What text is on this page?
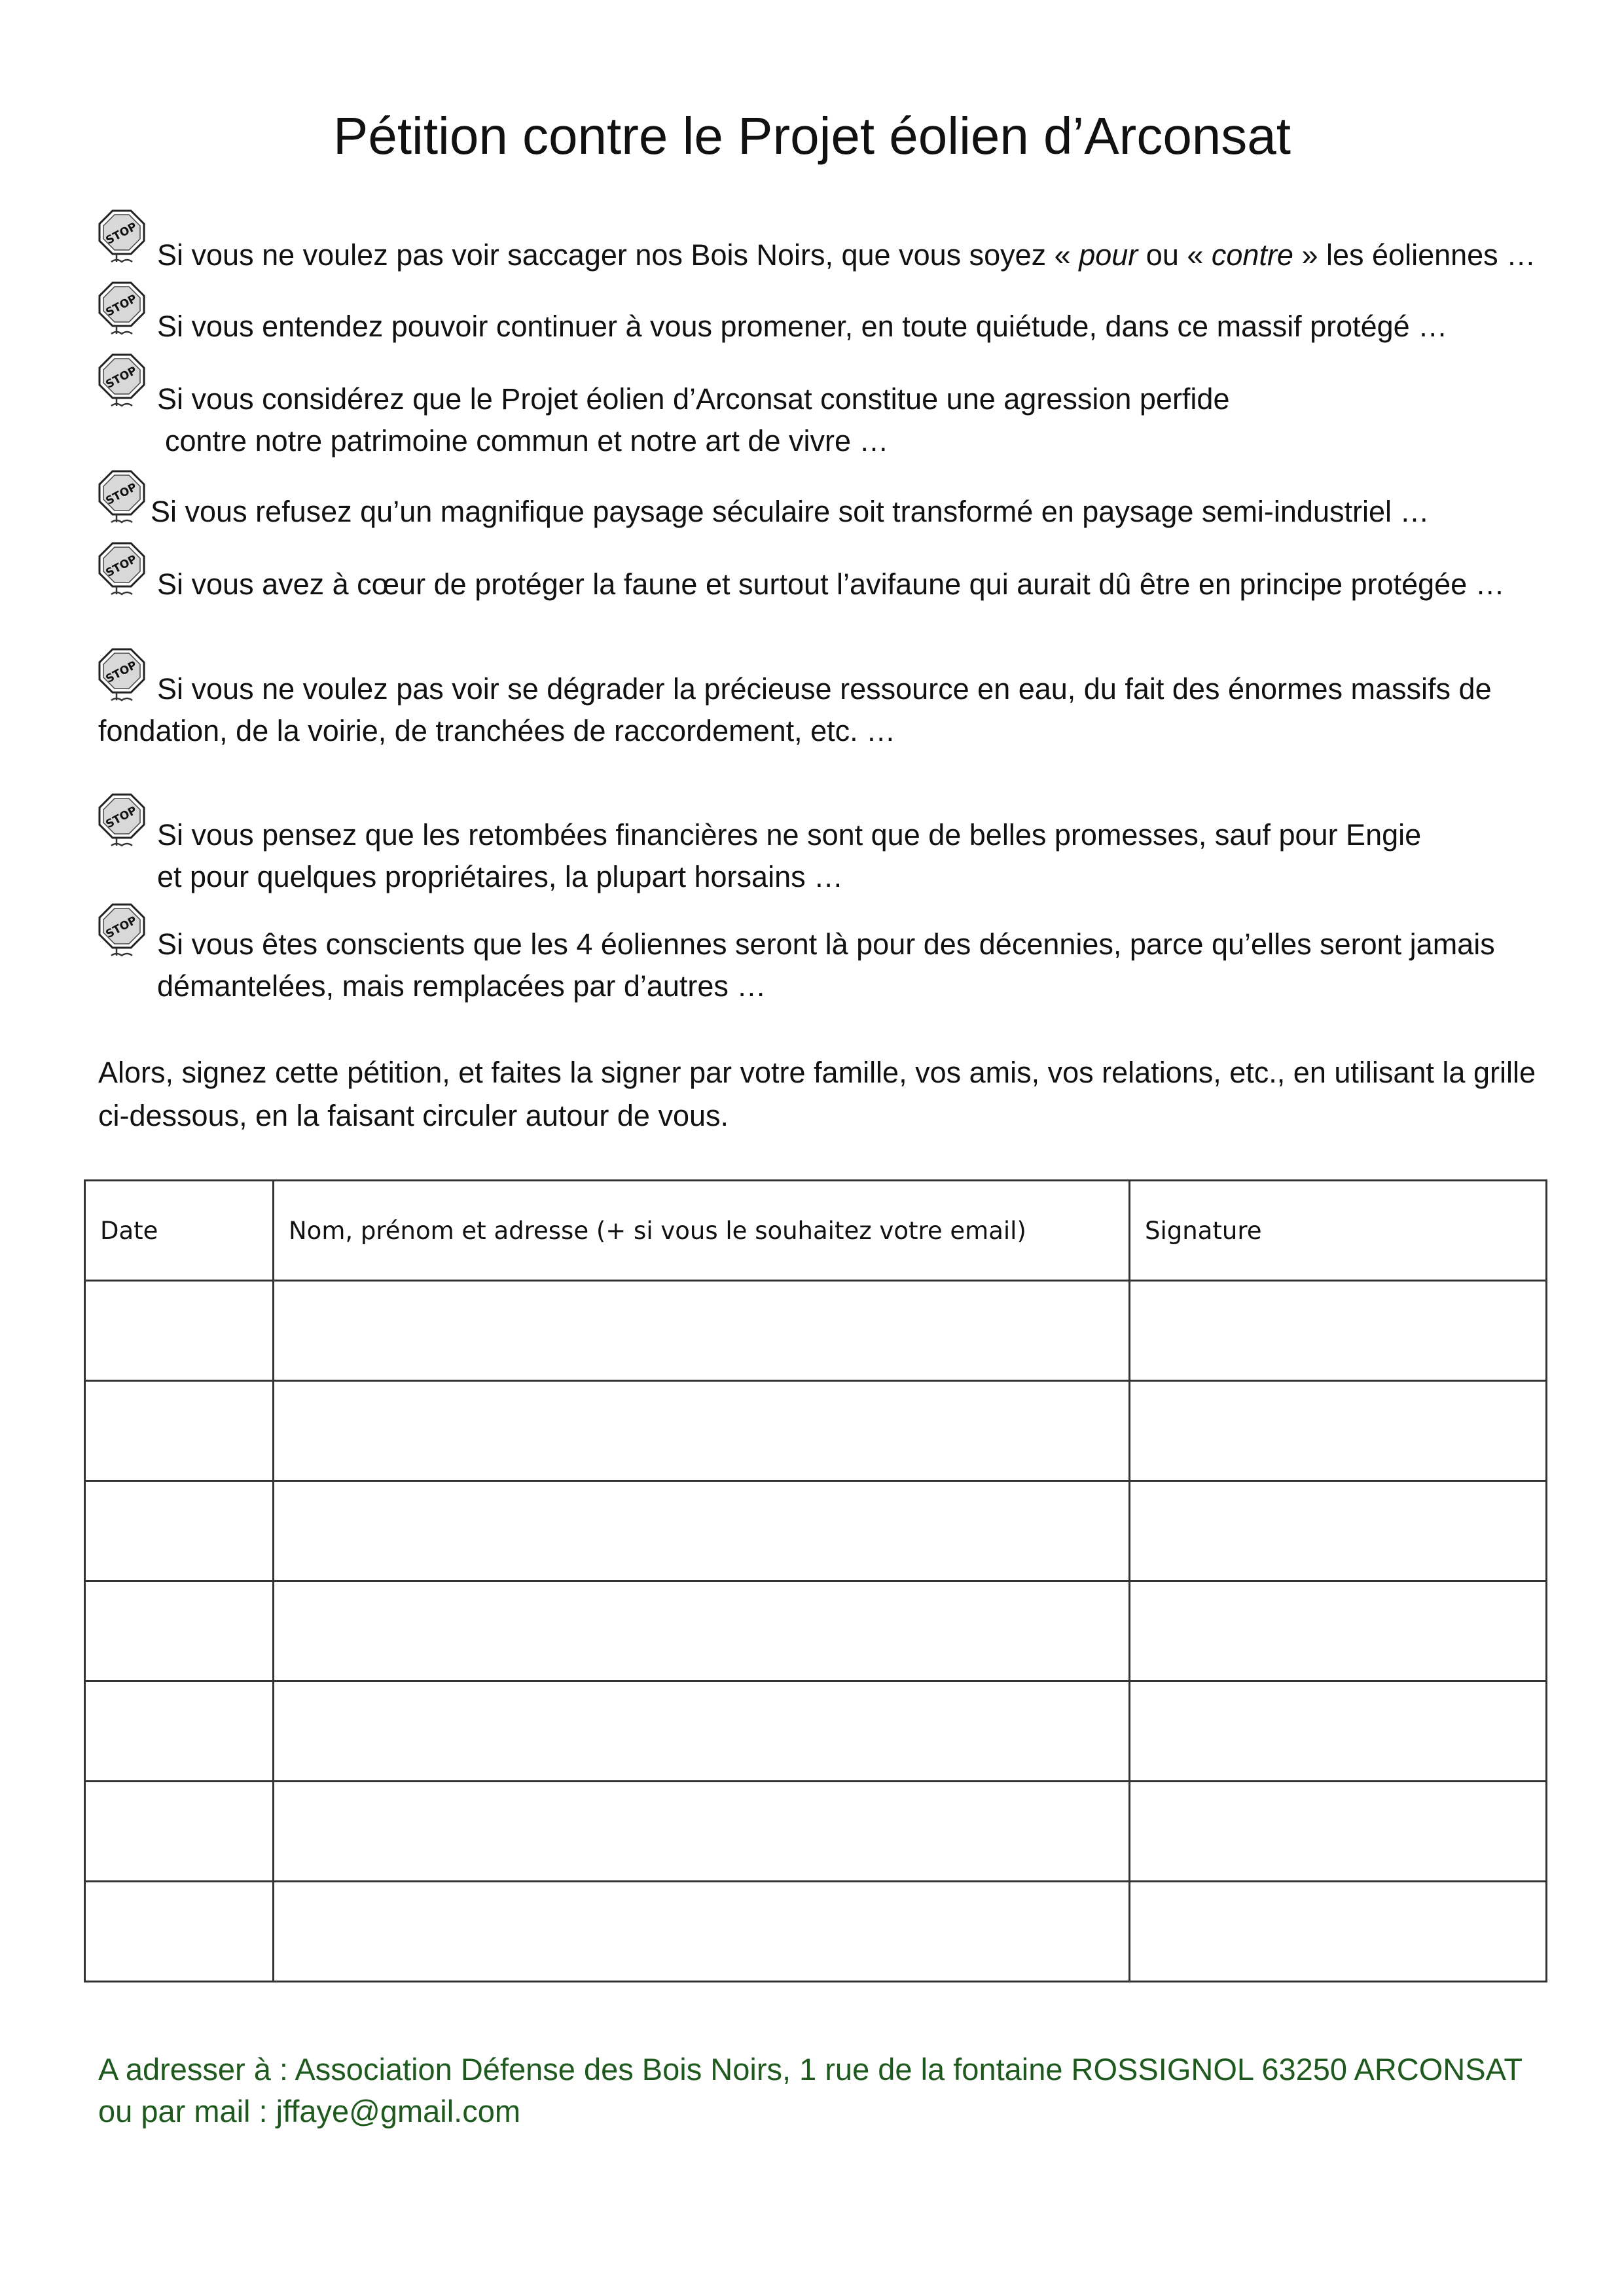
Pétition contre le Projet éolien d’Arconsat
STOP
Si vous ne voulez pas voir saccager nos Bois Noirs, que vous soyez « pour ou « contre » les éoliennes …
STOP
Si vous entendez pouvoir continuer à vous promener, en toute quiétude, dans ce massif protégé …
STOP
Si vous considérez que le Projet éolien d’Arconsat constitue une agression perfide
contre notre patrimoine commun et notre art de vivre …
STOP
Si vous refusez qu’un magnifique paysage séculaire soit transformé en paysage semi-industriel …
STOP
Si vous avez à cœur de protéger la faune et surtout l’avifaune qui aurait dû être en principe protégée …
STOP Si vous ne voulez pas voir se dégrader la précieuse ressource en eau, du fait des énormes massifs de
fondation, de la voirie, de tranchées de raccordement, etc. …
STOP
Si vous pensez que les retombées financières ne sont que de belles promesses, sauf pour Engie
et pour quelques propriétaires, la plupart horsains …
STOP Si vous êtes conscients que les 4 éoliennes seront là pour des décennies, parce qu’elles seront jamais
démantelées, mais remplacées par d’autres …
Alors, signez cette pétition, et faites la signer par votre famille, vos amis, vos relations, etc., en utilisant la grille
ci-dessous, en la faisant circuler autour de vous.
Date	Nom, prénom et adresse (+ si vous le souhaitez votre email)	Signature

A adresser à : Association Défense des Bois Noirs, 1 rue de la fontaine ROSSIGNOL 63250 ARCONSAT
ou par mail : jffaye@gmail.com
